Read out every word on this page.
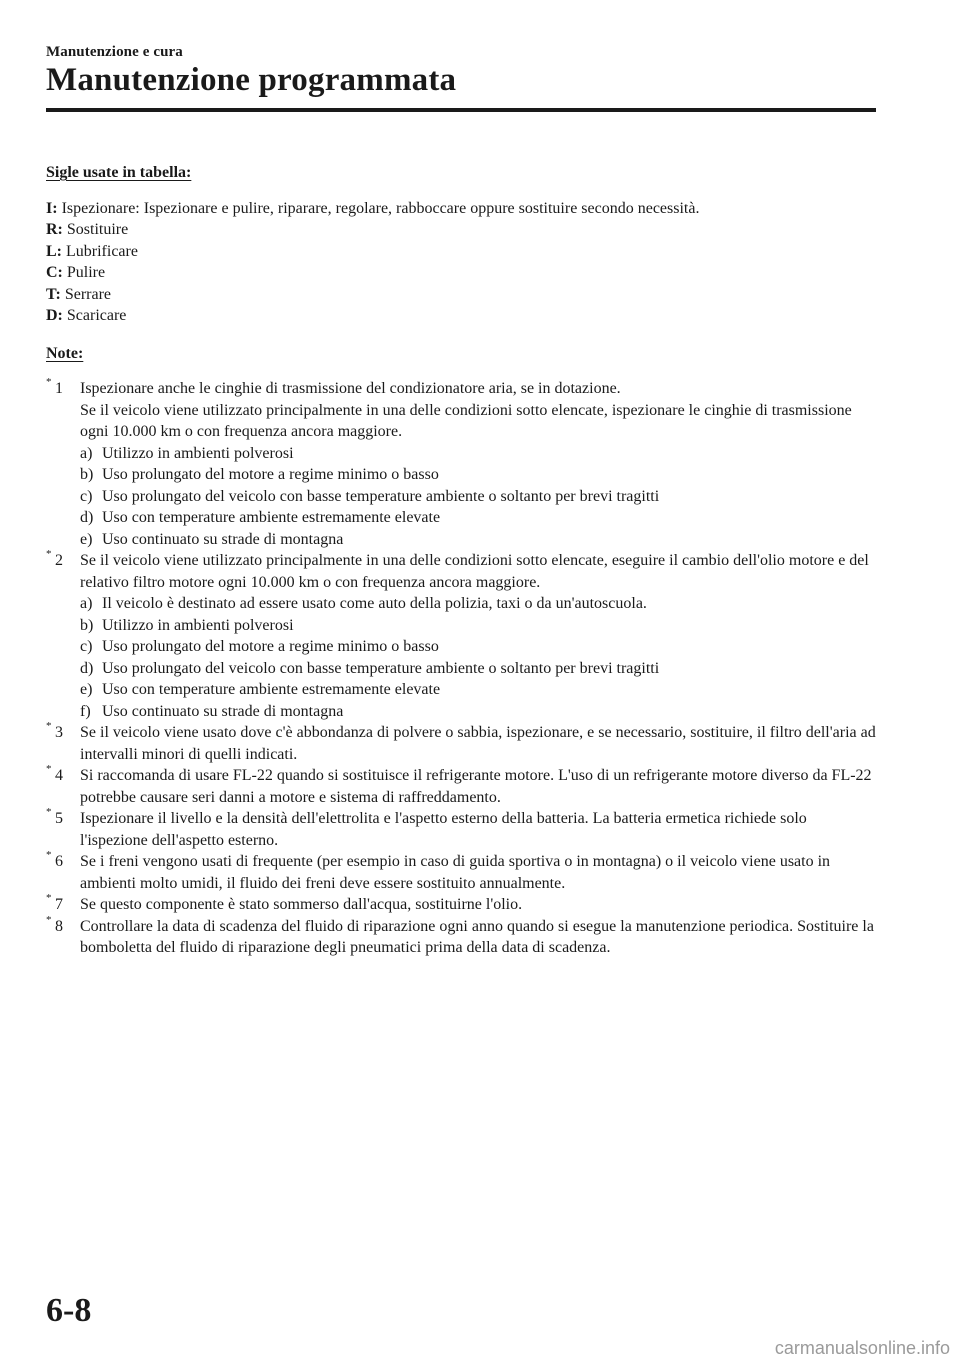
Manutenzione e cura
Manutenzione programmata

Sigle usate in tabella:

I: Ispezionare: Ispezionare e pulire, riparare, regolare, rabboccare oppure sostituire secondo necessità.

R: Sostituire

L: Lubrificare

C: Pulire

T: Serrare

D: Scaricare

Note:

* 1	Ispezionare anche le cinghie di trasmissione del condizionatore aria, se in dotazione.
Se il veicolo viene utilizzato principalmente in una delle condizioni sotto elencate, ispezionare le cinghie di trasmissione ogni 10.000 km o con frequenza ancora maggiore.
a) Utilizzo in ambienti polverosi
b) Uso prolungato del motore a regime minimo o basso
c) Uso prolungato del veicolo con basse temperature ambiente o soltanto per brevi tragitti
d) Uso con temperature ambiente estremamente elevate
e) Uso continuato su strade di montagna
* 2	Se il veicolo viene utilizzato principalmente in una delle condizioni sotto elencate, eseguire il cambio dell'olio motore e del relativo filtro motore ogni 10.000 km o con frequenza ancora maggiore.
a) Il veicolo è destinato ad essere usato come auto della polizia, taxi o da un'autoscuola.
b) Utilizzo in ambienti polverosi
c) Uso prolungato del motore a regime minimo o basso
d) Uso prolungato del veicolo con basse temperature ambiente o soltanto per brevi tragitti
e) Uso con temperature ambiente estremamente elevate
f) Uso continuato su strade di montagna
* 3	Se il veicolo viene usato dove c'è abbondanza di polvere o sabbia, ispezionare, e se necessario, sostituire, il filtro dell'aria ad intervalli minori di quelli indicati.
* 4	Si raccomanda di usare FL-22 quando si sostituisce il refrigerante motore. L'uso di un refrigerante motore diverso da FL-22 potrebbe causare seri danni a motore e sistema di raffreddamento.
* 5	Ispezionare il livello e la densità dell'elettrolita e l'aspetto esterno della batteria. La batteria ermetica richiede solo l'ispezione dell'aspetto esterno.
* 6	Se i freni vengono usati di frequente (per esempio in caso di guida sportiva o in montagna) o il veicolo viene usato in ambienti molto umidi, il fluido dei freni deve essere sostituito annualmente.
* 7	Se questo componente è stato sommerso dall'acqua, sostituirne l'olio.
* 8	Controllare la data di scadenza del fluido di riparazione ogni anno quando si esegue la manutenzione periodica. Sostituire la bomboletta del fluido di riparazione degli pneumatici prima della data di scadenza.
6-8
carmanualsonline.info
